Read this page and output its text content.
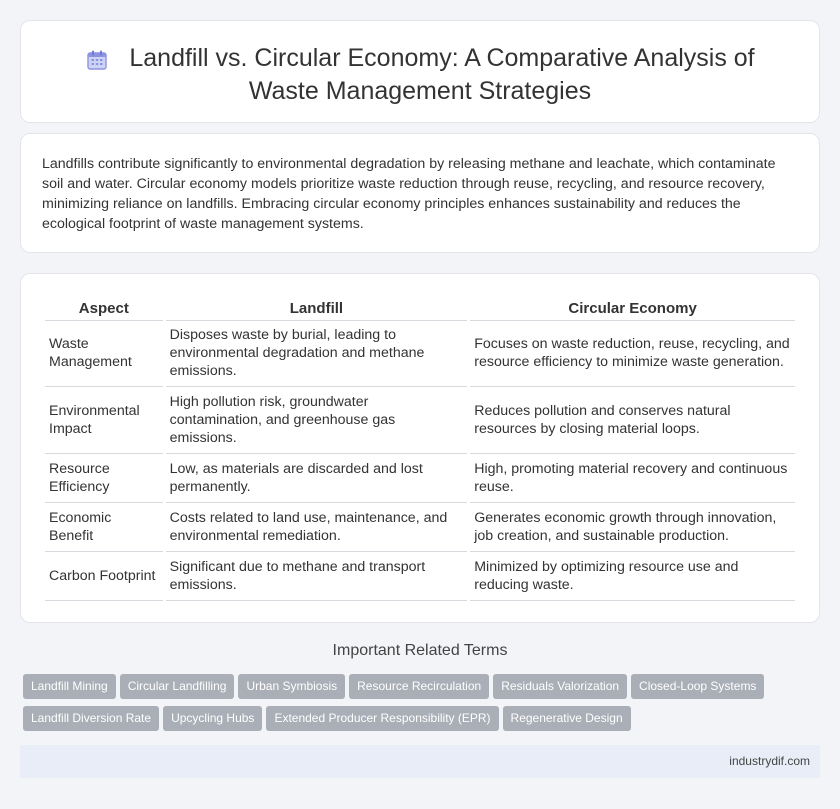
Landfill vs. Circular Economy: A Comparative Analysis of Waste Management Strategies

Landfills contribute significantly to environmental degradation by releasing methane and leachate, which contaminate soil and water. Circular economy models prioritize waste reduction through reuse, recycling, and resource recovery, minimizing reliance on landfills. Embracing circular economy principles enhances sustainability and reduces the ecological footprint of waste management systems.

Aspect	Landfill	Circular Economy
Waste Management	Disposes waste by burial, leading to environmental degradation and methane emissions.	Focuses on waste reduction, reuse, recycling, and resource efficiency to minimize waste generation.
Environmental Impact	High pollution risk, groundwater contamination, and greenhouse gas emissions.	Reduces pollution and conserves natural resources by closing material loops.
Resource Efficiency	Low, as materials are discarded and lost permanently.	High, promoting material recovery and continuous reuse.
Economic Benefit	Costs related to land use, maintenance, and environmental remediation.	Generates economic growth through innovation, job creation, and sustainable production.
Carbon Footprint	Significant due to methane and transport emissions.	Minimized by optimizing resource use and reducing waste.
Important Related Terms
Landfill Mining Circular Landfilling Urban Symbiosis Resource Recirculation Residuals Valorization Closed-Loop SystemsLandfill Diversion Rate Upcycling Hubs Extended Producer Responsibility (EPR) Regenerative Design
industrydif.com
